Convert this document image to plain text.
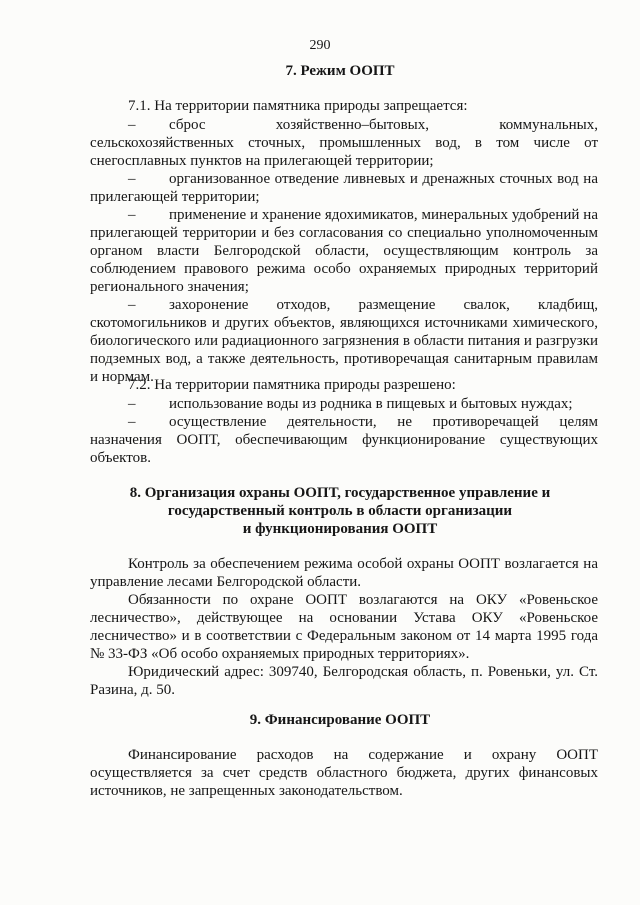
290
7. Режим ООПТ
7.1. На территории памятника природы запрещается:
– сброс хозяйственно–бытовых, коммунальных, сельскохозяйственных сточных, промышленных вод, в том числе от снегосплавных пунктов на прилегающей территории;
– организованное отведение ливневых и дренажных сточных вод на прилегающей территории;
– применение и хранение ядохимикатов, минеральных удобрений на прилегающей территории и без согласования со специально уполномоченным органом власти Белгородской области, осуществляющим контроль за соблюдением правового режима особо охраняемых природных территорий регионального значения;
– захоронение отходов, размещение свалок, кладбищ, скотомогильников и других объектов, являющихся источниками химического, биологического или радиационного загрязнения в области питания и разгрузки подземных вод, а также деятельность, противоречащая санитарным правилам и нормам.
7.2. На территории памятника природы разрешено:
– использование воды из родника в пищевых и бытовых нуждах;
– осуществление деятельности, не противоречащей целям назначения ООПТ, обеспечивающим функционирование существующих объектов.
8. Организация охраны ООПТ, государственное управление и
государственный контроль в области организации
и функционирования ООПТ
Контроль за обеспечением режима особой охраны ООПТ возлагается на управление лесами Белгородской области.
Обязанности по охране ООПТ возлагаются на ОКУ «Ровеньское лесничество», действующее на основании Устава ОКУ «Ровеньское лесничество» и в соответствии с Федеральным законом от 14 марта 1995 года № 33-ФЗ «Об особо охраняемых природных территориях».
Юридический адрес: 309740, Белгородская область, п. Ровеньки, ул. Ст. Разина, д. 50.
9. Финансирование ООПТ
Финансирование расходов на содержание и охрану ООПТ осуществляется за счет средств областного бюджета, других финансовых источников, не запрещенных законодательством.
